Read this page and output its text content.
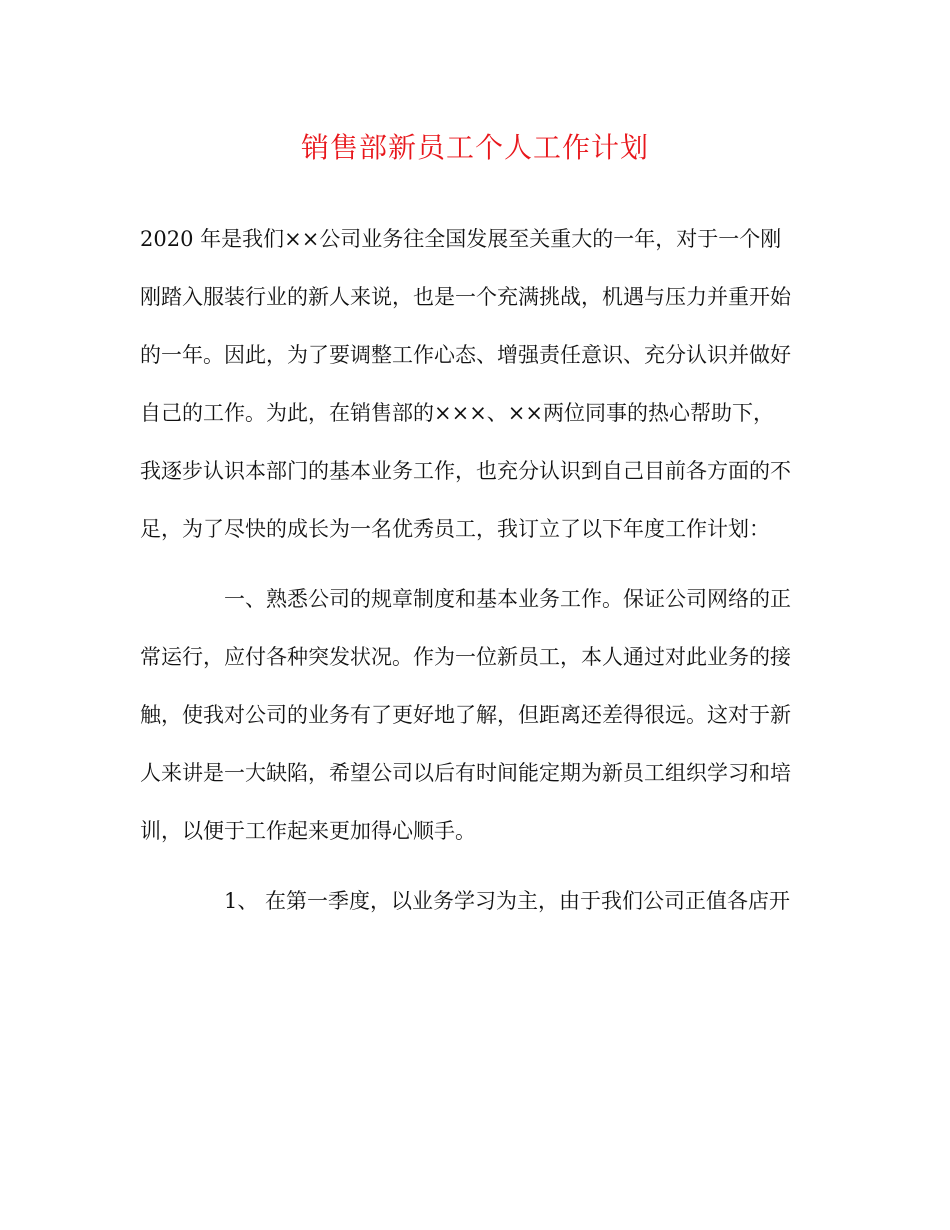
销售部新员工个人工作计划
2020 年是我们××公司业务往全国发展至关重大的一年，对于一个刚
刚踏入服装行业的新人来说，也是一个充满挑战，机遇与压力并重开始
的一年。因此，为了要调整工作心态、增强责任意识、充分认识并做好
自己的工作。为此，在销售部的×××、××两位同事的热心帮助下，
我逐步认识本部门的基本业务工作，也充分认识到自己目前各方面的不
足，为了尽快的成长为一名优秀员工，我订立了以下年度工作计划：
一、熟悉公司的规章制度和基本业务工作。保证公司网络的正
常运行，应付各种突发状况。作为一位新员工，本人通过对此业务的接
触，使我对公司的业务有了更好地了解，但距离还差得很远。这对于新
人来讲是一大缺陷，希望公司以后有时间能定期为新员工组织学习和培
训，以便于工作起来更加得心顺手。
1、 在第一季度，以业务学习为主，由于我们公司正值各店开
